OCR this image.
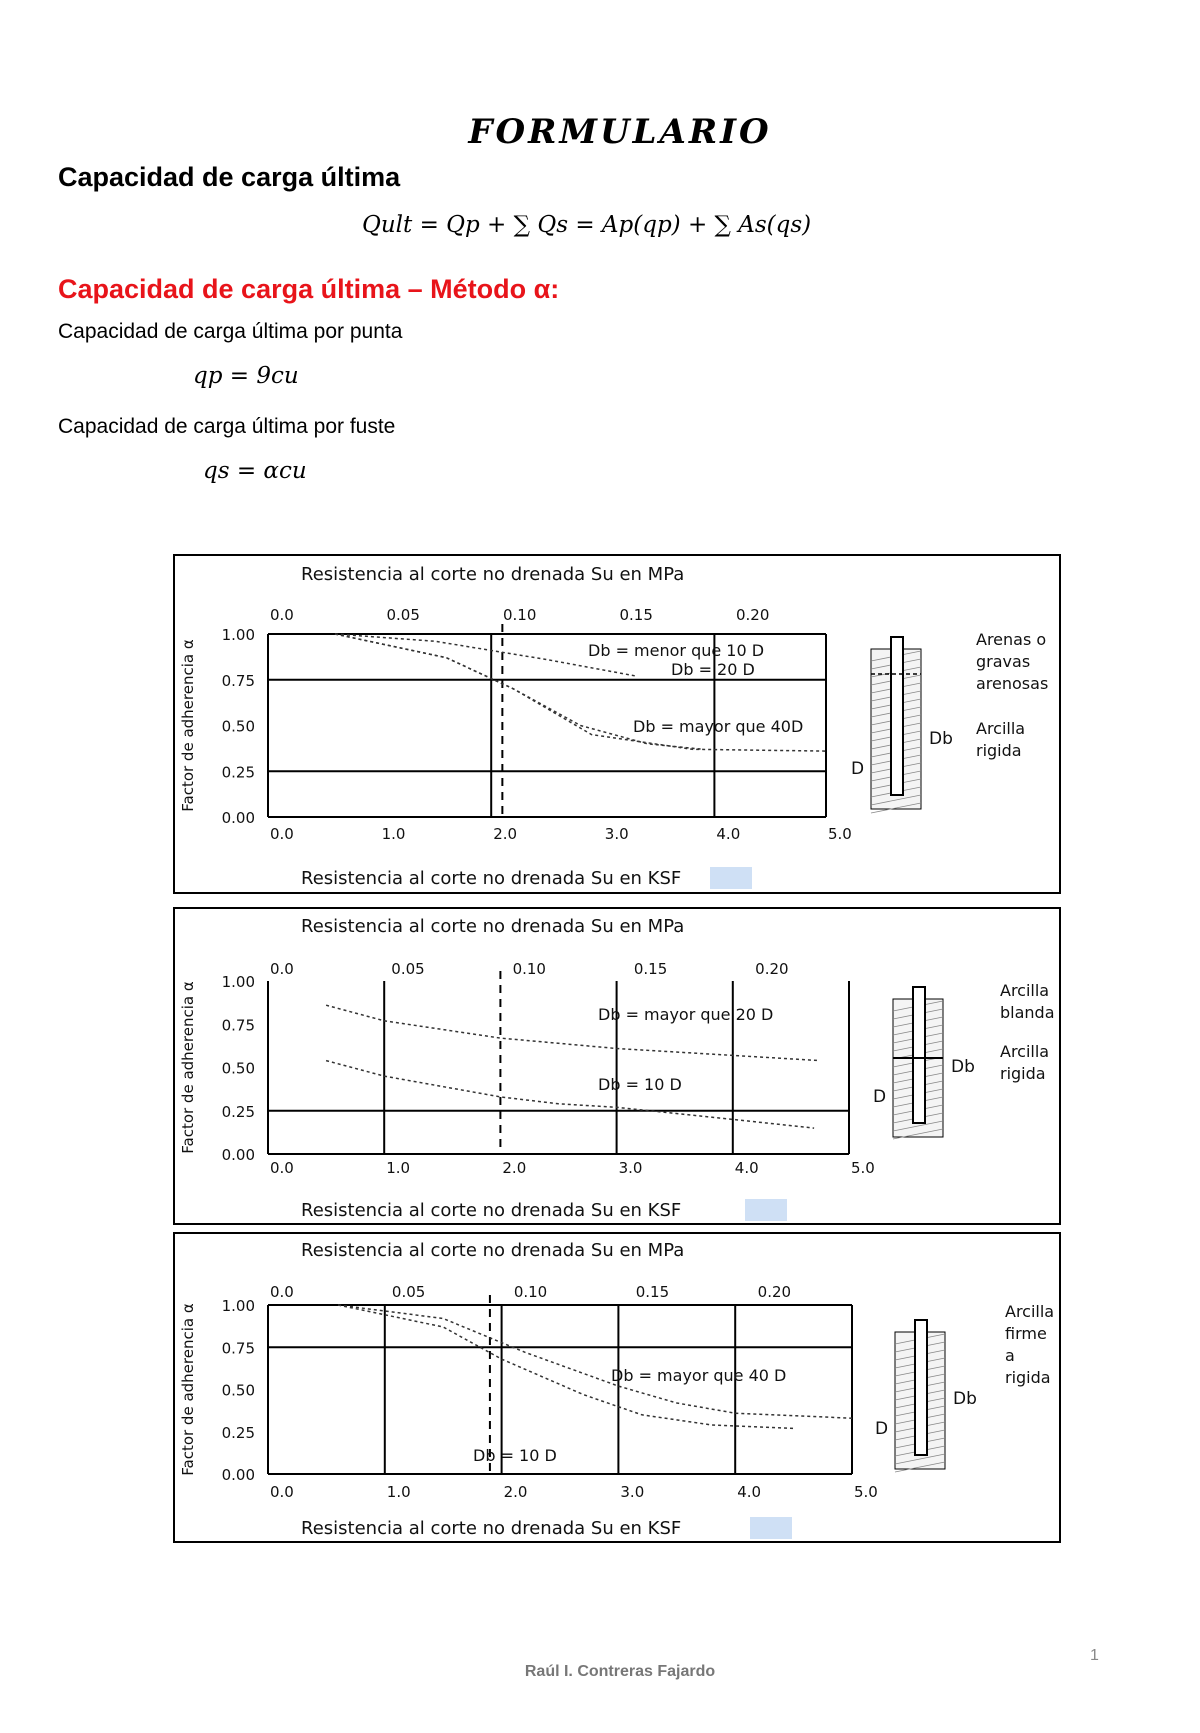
FORMULARIO
Capacidad de carga última
Qult = Qp + ∑ Qs = Ap(qp) + ∑ As(qs)
Capacidad de carga última – Método α:
Capacidad de carga última por punta
qp = 9cu
Capacidad de carga última por fuste
qs = αcu
Resistencia al corte no drenada Su en MPa
Resistencia al corte no drenada Su en KSF
Factor de adherencia α
1.00
0.75
0.50
0.25
0.00
0.0	1.0	2.0	3.0	4.0	5.0
0.0	0.05	0.10	0.15	0.20
Db = menor que 10 D
Db = 20 D
Db = mayor que 40D
Arenas o
gravas
arenosas
Arcilla
rigida
D
Db
Resistencia al corte no drenada Su en MPa
Resistencia al corte no drenada Su en KSF
Factor de adherencia α 1.00
0.75
0.50
0.25
0.00
0.0	1.0	2.0	3.0	4.0	5.0
0.0	0.05	0.10	0.15	0.20
Db = mayor que 20 D
Db = 10 D
Arcilla
blanda
Arcilla
rigida
D
Db
Resistencia al corte no drenada Su en MPa
Resistencia al corte no drenada Su en KSF
Factor de adherencia α 1.00
0.75
0.50
0.25
0.00
0.0	1.0	2.0	3.0	4.0	5.0
0.0	0.05	0.10	0.15	0.20
Db = mayor que 40 D
Db = 10 D
Arcilla
firme
a
rigida
D
Db
1
Raúl I. Contreras Fajardo
